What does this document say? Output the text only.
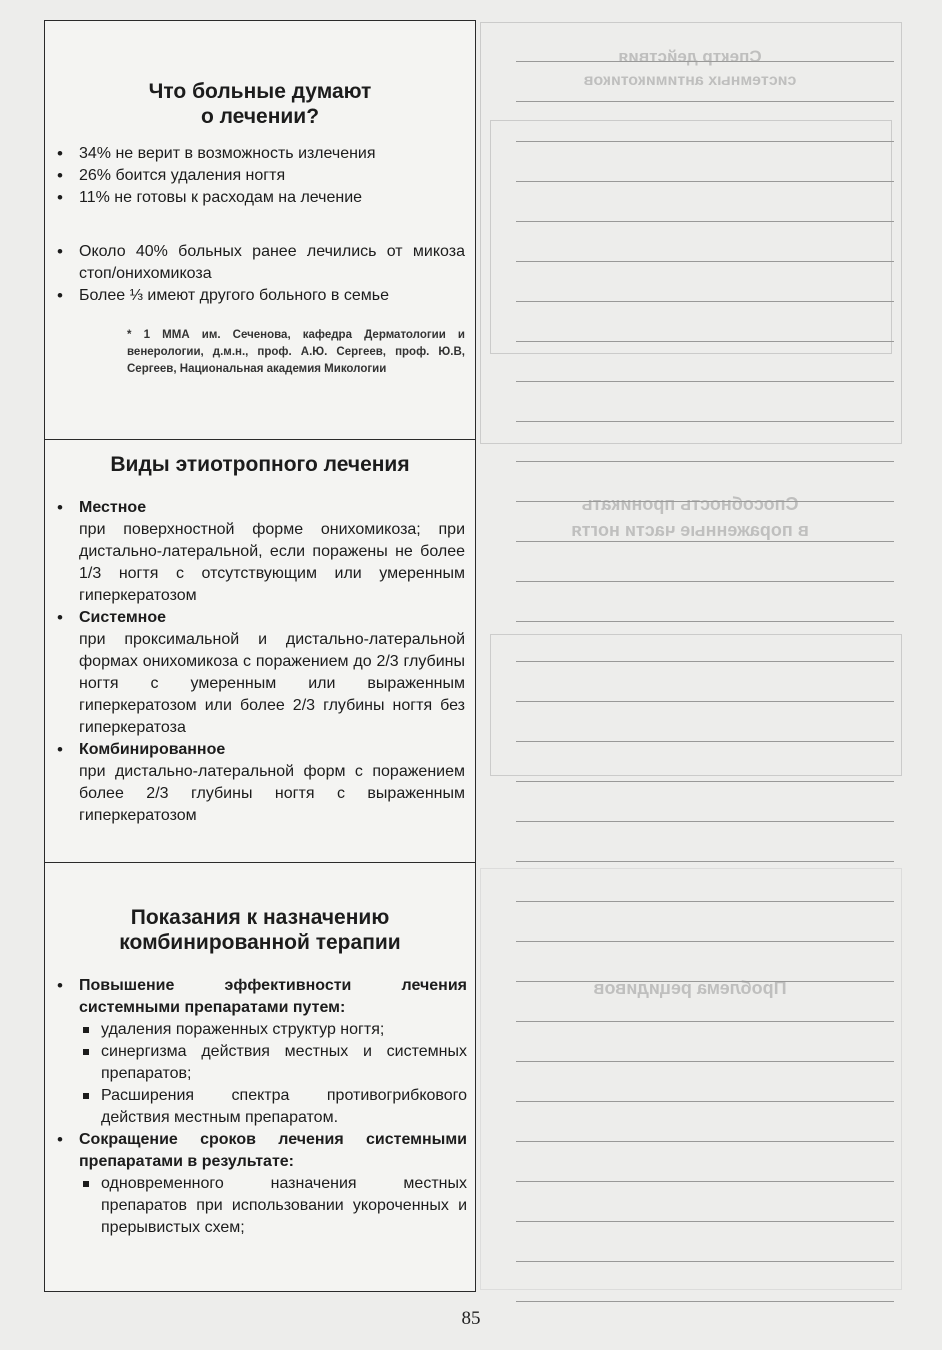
Что больные думают
о лечении?

• 34% не верит в возможность излечения
• 26% боится удаления ногтя
• 11% не готовы к расходам на лечение
• Около 40% больных ранее лечились от микоза стоп/онихомикоза
• Более ⅓ имеют другого больного в семье

* 1 ММА им. Сеченова, кафедра Дерматологии и венерологии, д.м.н., проф. А.Ю. Сергеев, проф. Ю.В, Сергеев, Национальная академия Микологии

Виды этиотропного лечения

• Местное
при поверхностной форме онихомикоза; при дистально-латеральной, если поражены не более 1/3 ногтя с отсутствующим или умеренным гиперкератозом
• Системное
при проксимальной и дистально-латеральной формах онихомикоза с поражением до 2/3 глубины ногтя с умеренным или выраженным гиперкератозом или более 2/3 глубины ногтя без гиперкератоза
• Комбинированное
при дистально-латеральной форм с поражением более 2/3 глубины ногтя с выраженным гиперкератозом

Показания к назначению
комбинированной терапии

• Повышение эффективности лечения системными препаратами путем:
удаления пораженных структур ногтя;
синергизма действия местных и системных препаратов;
Расширения спектра противогрибкового действия местным препаратом.
• Сокращение сроков лечения системными препаратами в результате:
одновременного назначения местных препаратов при использовании укороченных и прерывистых схем;
Спектр действия
системных антимикотиков
Способность проникать
в пораженные части ногтя
Проблема рецидивов
85
